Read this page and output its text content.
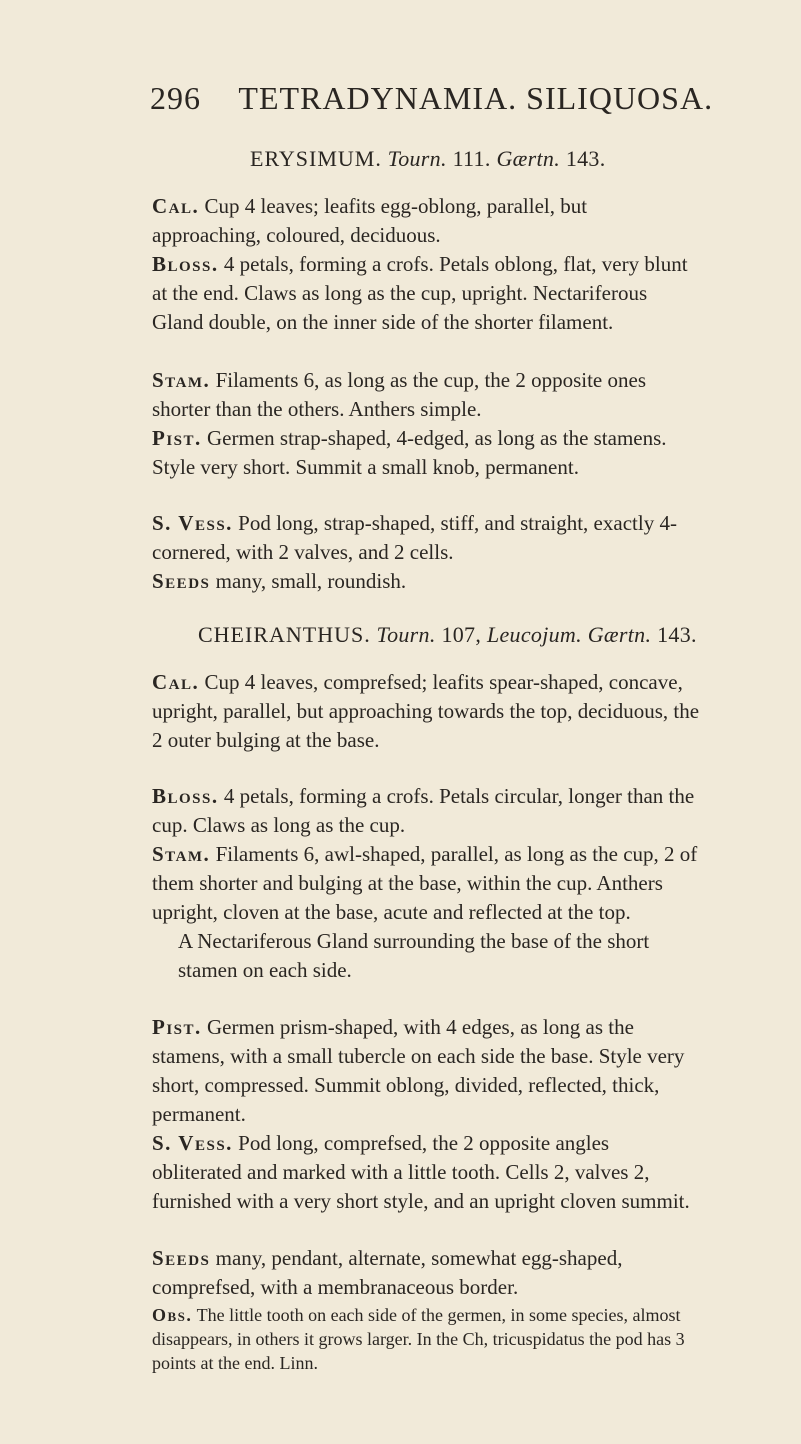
296 TETRADYNAMIA. SILIQUOSA.
ERYSIMUM. Tourn. 111. Gærtn. 143.

Cal. Cup 4 leaves; leafits egg-oblong, parallel, but approaching, coloured, deciduous.

Bloss. 4 petals, forming a crofs. Petals oblong, flat, very blunt at the end. Claws as long as the cup, upright. Nectariferous Gland double, on the inner side of the shorter filament.

Stam. Filaments 6, as long as the cup, the 2 opposite ones shorter than the others. Anthers simple.

Pist. Germen strap-shaped, 4-edged, as long as the stamens. Style very short. Summit a small knob, permanent.

S. Vess. Pod long, strap-shaped, stiff, and straight, exactly 4-cornered, with 2 valves, and 2 cells.

Seeds many, small, roundish.

CHEIRANTHUS. Tourn. 107, Leucojum. Gærtn. 143.

Cal. Cup 4 leaves, comprefsed; leafits spear-shaped, concave, upright, parallel, but approaching towards the top, deciduous, the 2 outer bulging at the base.

Bloss. 4 petals, forming a crofs. Petals circular, longer than the cup. Claws as long as the cup.

Stam. Filaments 6, awl-shaped, parallel, as long as the cup, 2 of them shorter and bulging at the base, within the cup. Anthers upright, cloven at the base, acute and reflected at the top.
A Nectariferous Gland surrounding the base of the short stamen on each side.

Pist. Germen prism-shaped, with 4 edges, as long as the stamens, with a small tubercle on each side the base. Style very short, compressed. Summit oblong, divided, reflected, thick, permanent.

S. Vess. Pod long, comprefsed, the 2 opposite angles obliterated and marked with a little tooth. Cells 2, valves 2, furnished with a very short style, and an upright cloven summit.

Seeds many, pendant, alternate, somewhat egg-shaped, comprefsed, with a membranaceous border.

Obs. The little tooth on each side of the germen, in some species, almost disappears, in others it grows larger. In the Ch, tricuspidatus the pod has 3 points at the end. Linn.
